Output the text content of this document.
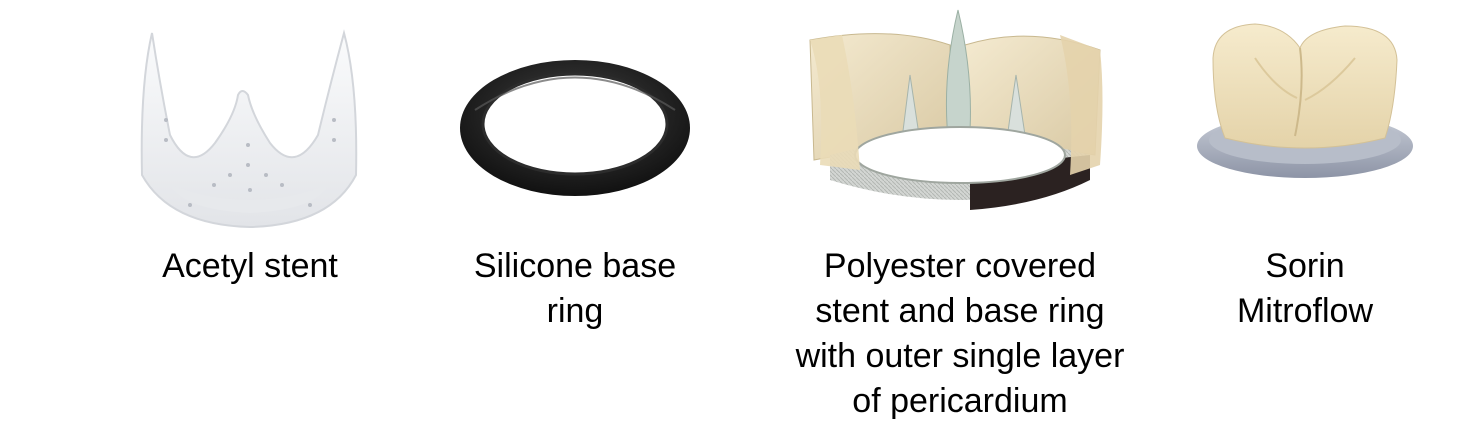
Acetyl stent	Silicone base
ring
Polyester covered
stent and base ring
with outer single layer
of pericardium
Sorin
Mitroflow
